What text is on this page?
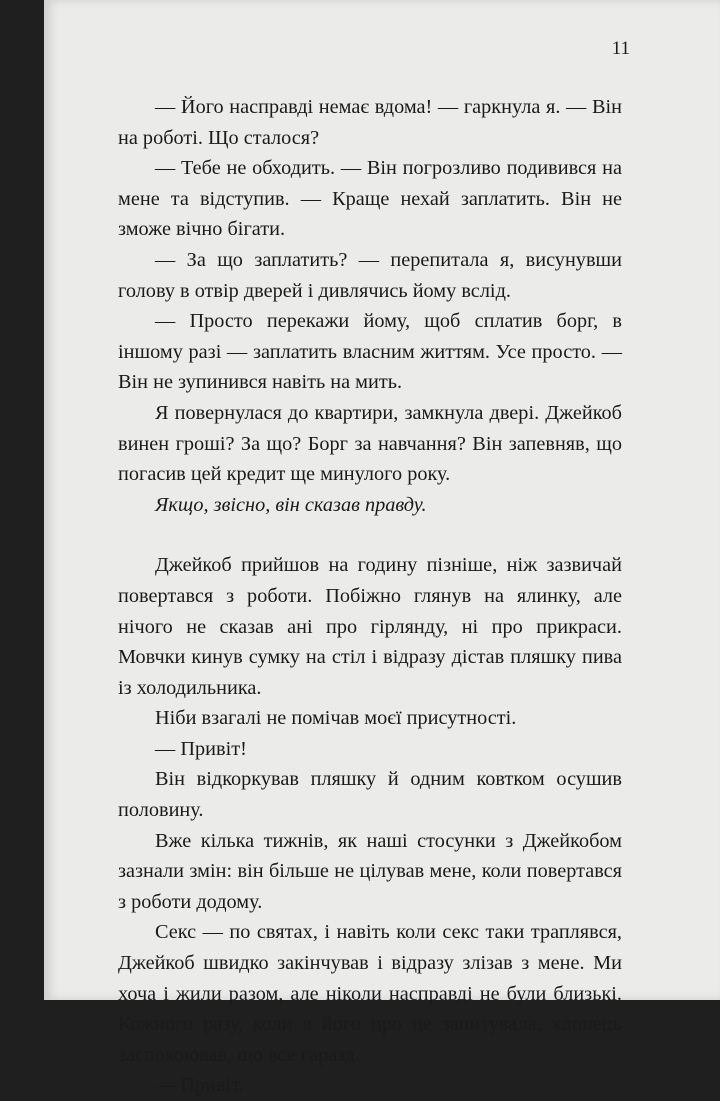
11

— Його насправді немає вдома! — гаркнула я. — Він на роботі. Що сталося?

— Тебе не обходить. — Він погрозливо подивився на мене та відступив. — Краще нехай заплатить. Він не зможе вічно бігати.

— За що заплатить? — перепитала я, висунувши голову в отвір дверей і дивлячись йому вслід.

— Просто перекажи йому, щоб сплатив борг, в іншому разі — заплатить власним життям. Усе просто. — Він не зупинився навіть на мить.

Я повернулася до квартири, замкнула двері. Джейкоб винен гроші? За що? Борг за навчання? Він запевняв, що погасив цей кредит ще минулого року.

Якщо, звісно, він сказав правду.

Джейкоб прийшов на годину пізніше, ніж зазвичай повертався з роботи. Побіжно глянув на ялинку, але нічого не сказав ані про гірлянду, ні про прикраси. Мовчки кинув сумку на стіл і відразу дістав пляшку пива із холодильника.

Ніби взагалі не помічав моєї присутності.

— Привіт!

Він відкоркував пляшку й одним ковтком осушив половину.

Вже кілька тижнів, як наші стосунки з Джейкобом зазнали змін: він більше не цілував мене, коли повертався з роботи додому.

Секс — по святах, і навіть коли секс таки траплявся, Джейкоб швидко закінчував і відразу злізав з мене. Ми хоча і жили разом, але ніколи насправді не були близькі. Кожного разу, коли я його про це запитувала, хлопець заспокоював, що все гаразд.

— Привіт.
